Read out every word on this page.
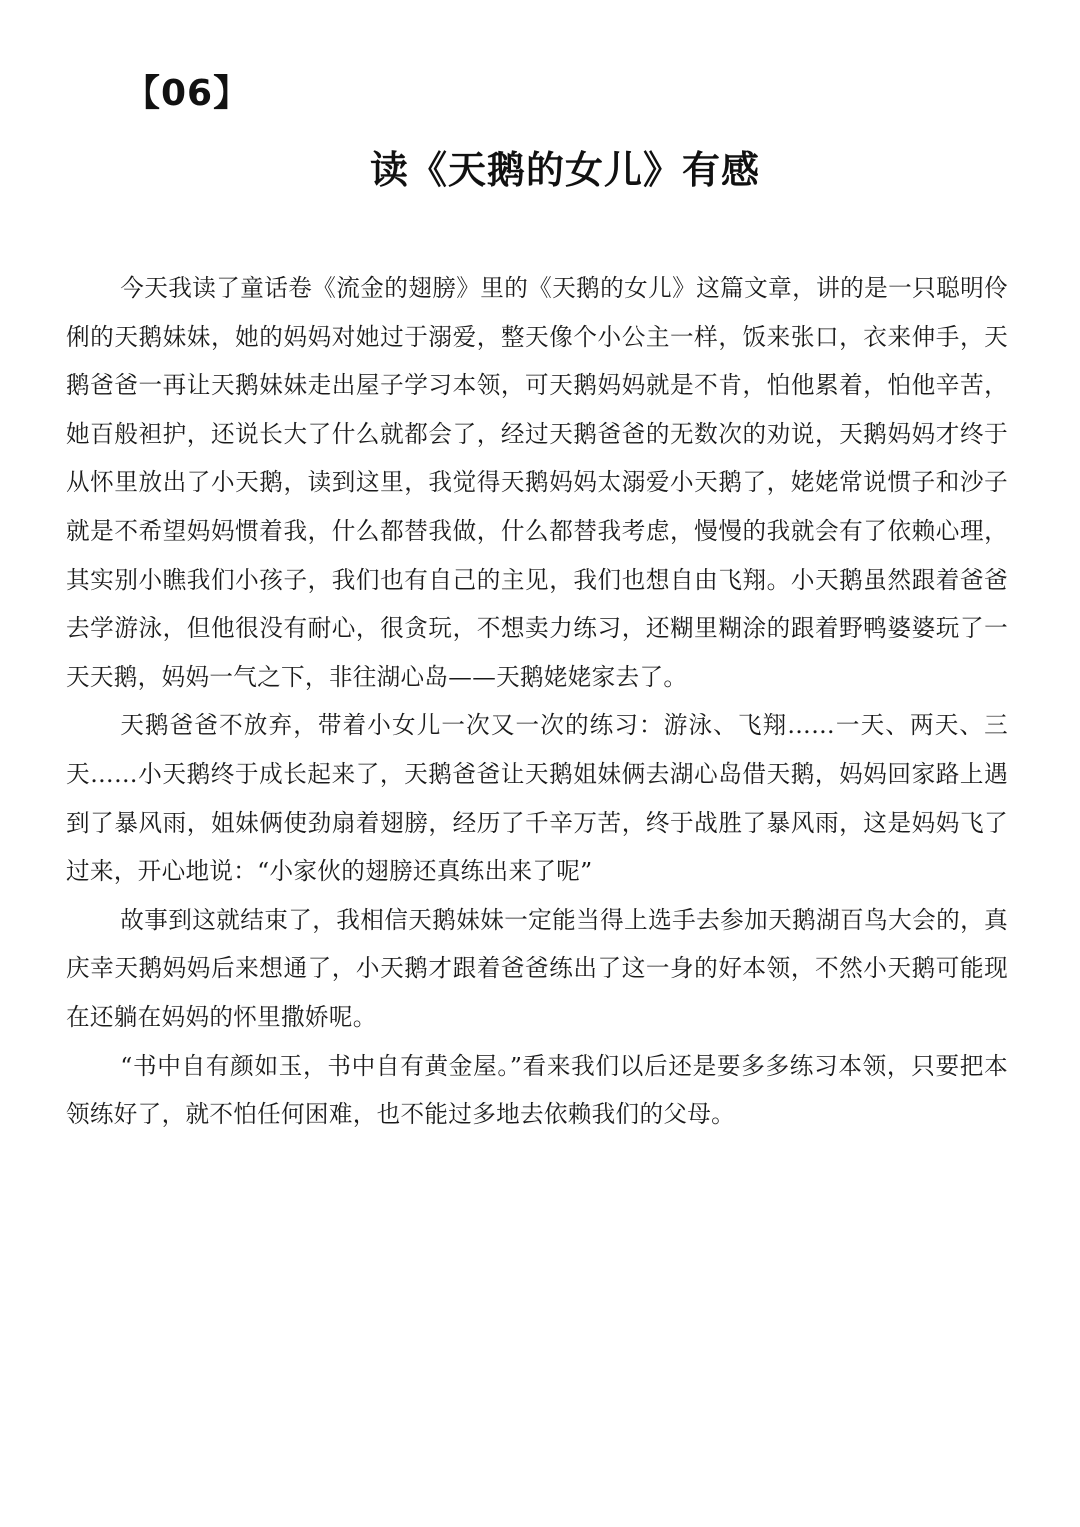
【06】
读《天鹅的女儿》有感

今天我读了童话卷《流金的翅膀》里的《天鹅的女儿》这篇文章，讲的是一只聪明伶俐的天鹅妹妹，她的妈妈对她过于溺爱，整天像个小公主一样，饭来张口，衣来伸手，天鹅爸爸一再让天鹅妹妹走出屋子学习本领，可天鹅妈妈就是不肯，怕他累着，怕他辛苦，她百般袒护，还说长大了什么就都会了，经过天鹅爸爸的无数次的劝说，天鹅妈妈才终于从怀里放出了小天鹅，读到这里，我觉得天鹅妈妈太溺爱小天鹅了，姥姥常说惯子和沙子就是不希望妈妈惯着我，什么都替我做，什么都替我考虑，慢慢的我就会有了依赖心理，其实别小瞧我们小孩子，我们也有自己的主见，我们也想自由飞翔。小天鹅虽然跟着爸爸去学游泳，但他很没有耐心，很贪玩，不想卖力练习，还糊里糊涂的跟着野鸭婆婆玩了一天天鹅，妈妈一气之下，非往湖心岛——天鹅姥姥家去了。

天鹅爸爸不放弃，带着小女儿一次又一次的练习：游泳、飞翔……一天、两天、三天……小天鹅终于成长起来了，天鹅爸爸让天鹅姐妹俩去湖心岛借天鹅，妈妈回家路上遇到了暴风雨，姐妹俩使劲扇着翅膀，经历了千辛万苦，终于战胜了暴风雨，这是妈妈飞了过来，开心地说：“小家伙的翅膀还真练出来了呢”

故事到这就结束了，我相信天鹅妹妹一定能当得上选手去参加天鹅湖百鸟大会的，真庆幸天鹅妈妈后来想通了，小天鹅才跟着爸爸练出了这一身的好本领，不然小天鹅可能现在还躺在妈妈的怀里撒娇呢。

“书中自有颜如玉，书中自有黄金屋。”看来我们以后还是要多多练习本领，只要把本领练好了，就不怕任何困难，也不能过多地去依赖我们的父母。
